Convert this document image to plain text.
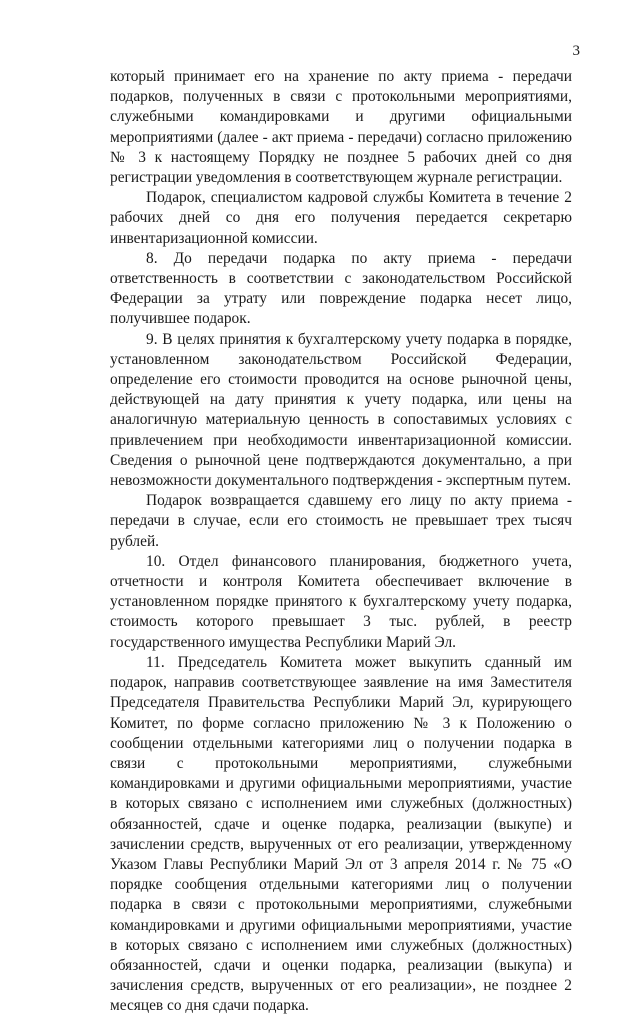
3

который принимает его на хранение по акту приема - передачи подарков, полученных в связи с протокольными мероприятиями, служебными командировками и другими официальными мероприятиями (далее - акт приема - передачи) согласно приложению № 3 к настоящему Порядку не позднее 5 рабочих дней со дня регистрации уведомления в соответствующем журнале регистрации.

Подарок, специалистом кадровой службы Комитета в течение 2 рабочих дней со дня его получения передается секретарю инвентаризационной комиссии.

8. До передачи подарка по акту приема - передачи ответственность в соответствии с законодательством Российской Федерации за утрату или повреждение подарка несет лицо, получившее подарок.

9. В целях принятия к бухгалтерскому учету подарка в порядке, установленном законодательством Российской Федерации, определение его стоимости проводится на основе рыночной цены, действующей на дату принятия к учету подарка, или цены на аналогичную материальную ценность в сопоставимых условиях с привлечением при необходимости инвентаризационной комиссии. Сведения о рыночной цене подтверждаются документально, а при невозможности документального подтверждения - экспертным путем.

Подарок возвращается сдавшему его лицу по акту приема - передачи в случае, если его стоимость не превышает трех тысяч рублей.

10. Отдел финансового планирования, бюджетного учета, отчетности и контроля Комитета обеспечивает включение в установленном порядке принятого к бухгалтерскому учету подарка, стоимость которого превышает 3 тыс. рублей, в реестр государственного имущества Республики Марий Эл.

11. Председатель Комитета может выкупить сданный им подарок, направив соответствующее заявление на имя Заместителя Председателя Правительства Республики Марий Эл, курирующего Комитет, по форме согласно приложению № 3 к Положению о сообщении отдельными категориями лиц о получении подарка в связи с протокольными мероприятиями, служебными командировками и другими официальными мероприятиями, участие в которых связано с исполнением ими служебных (должностных) обязанностей, сдаче и оценке подарка, реализации (выкупе) и зачислении средств, вырученных от его реализации, утвержденному Указом Главы Республики Марий Эл от 3 апреля 2014 г. № 75 «О порядке сообщения отдельными категориями лиц о получении подарка в связи с протокольными мероприятиями, служебными командировками и другими официальными мероприятиями, участие в которых связано с исполнением ими служебных (должностных) обязанностей, сдачи и оценки подарка, реализации (выкупа) и зачисления средств, вырученных от его реализации», не позднее 2 месяцев со дня сдачи подарка.
